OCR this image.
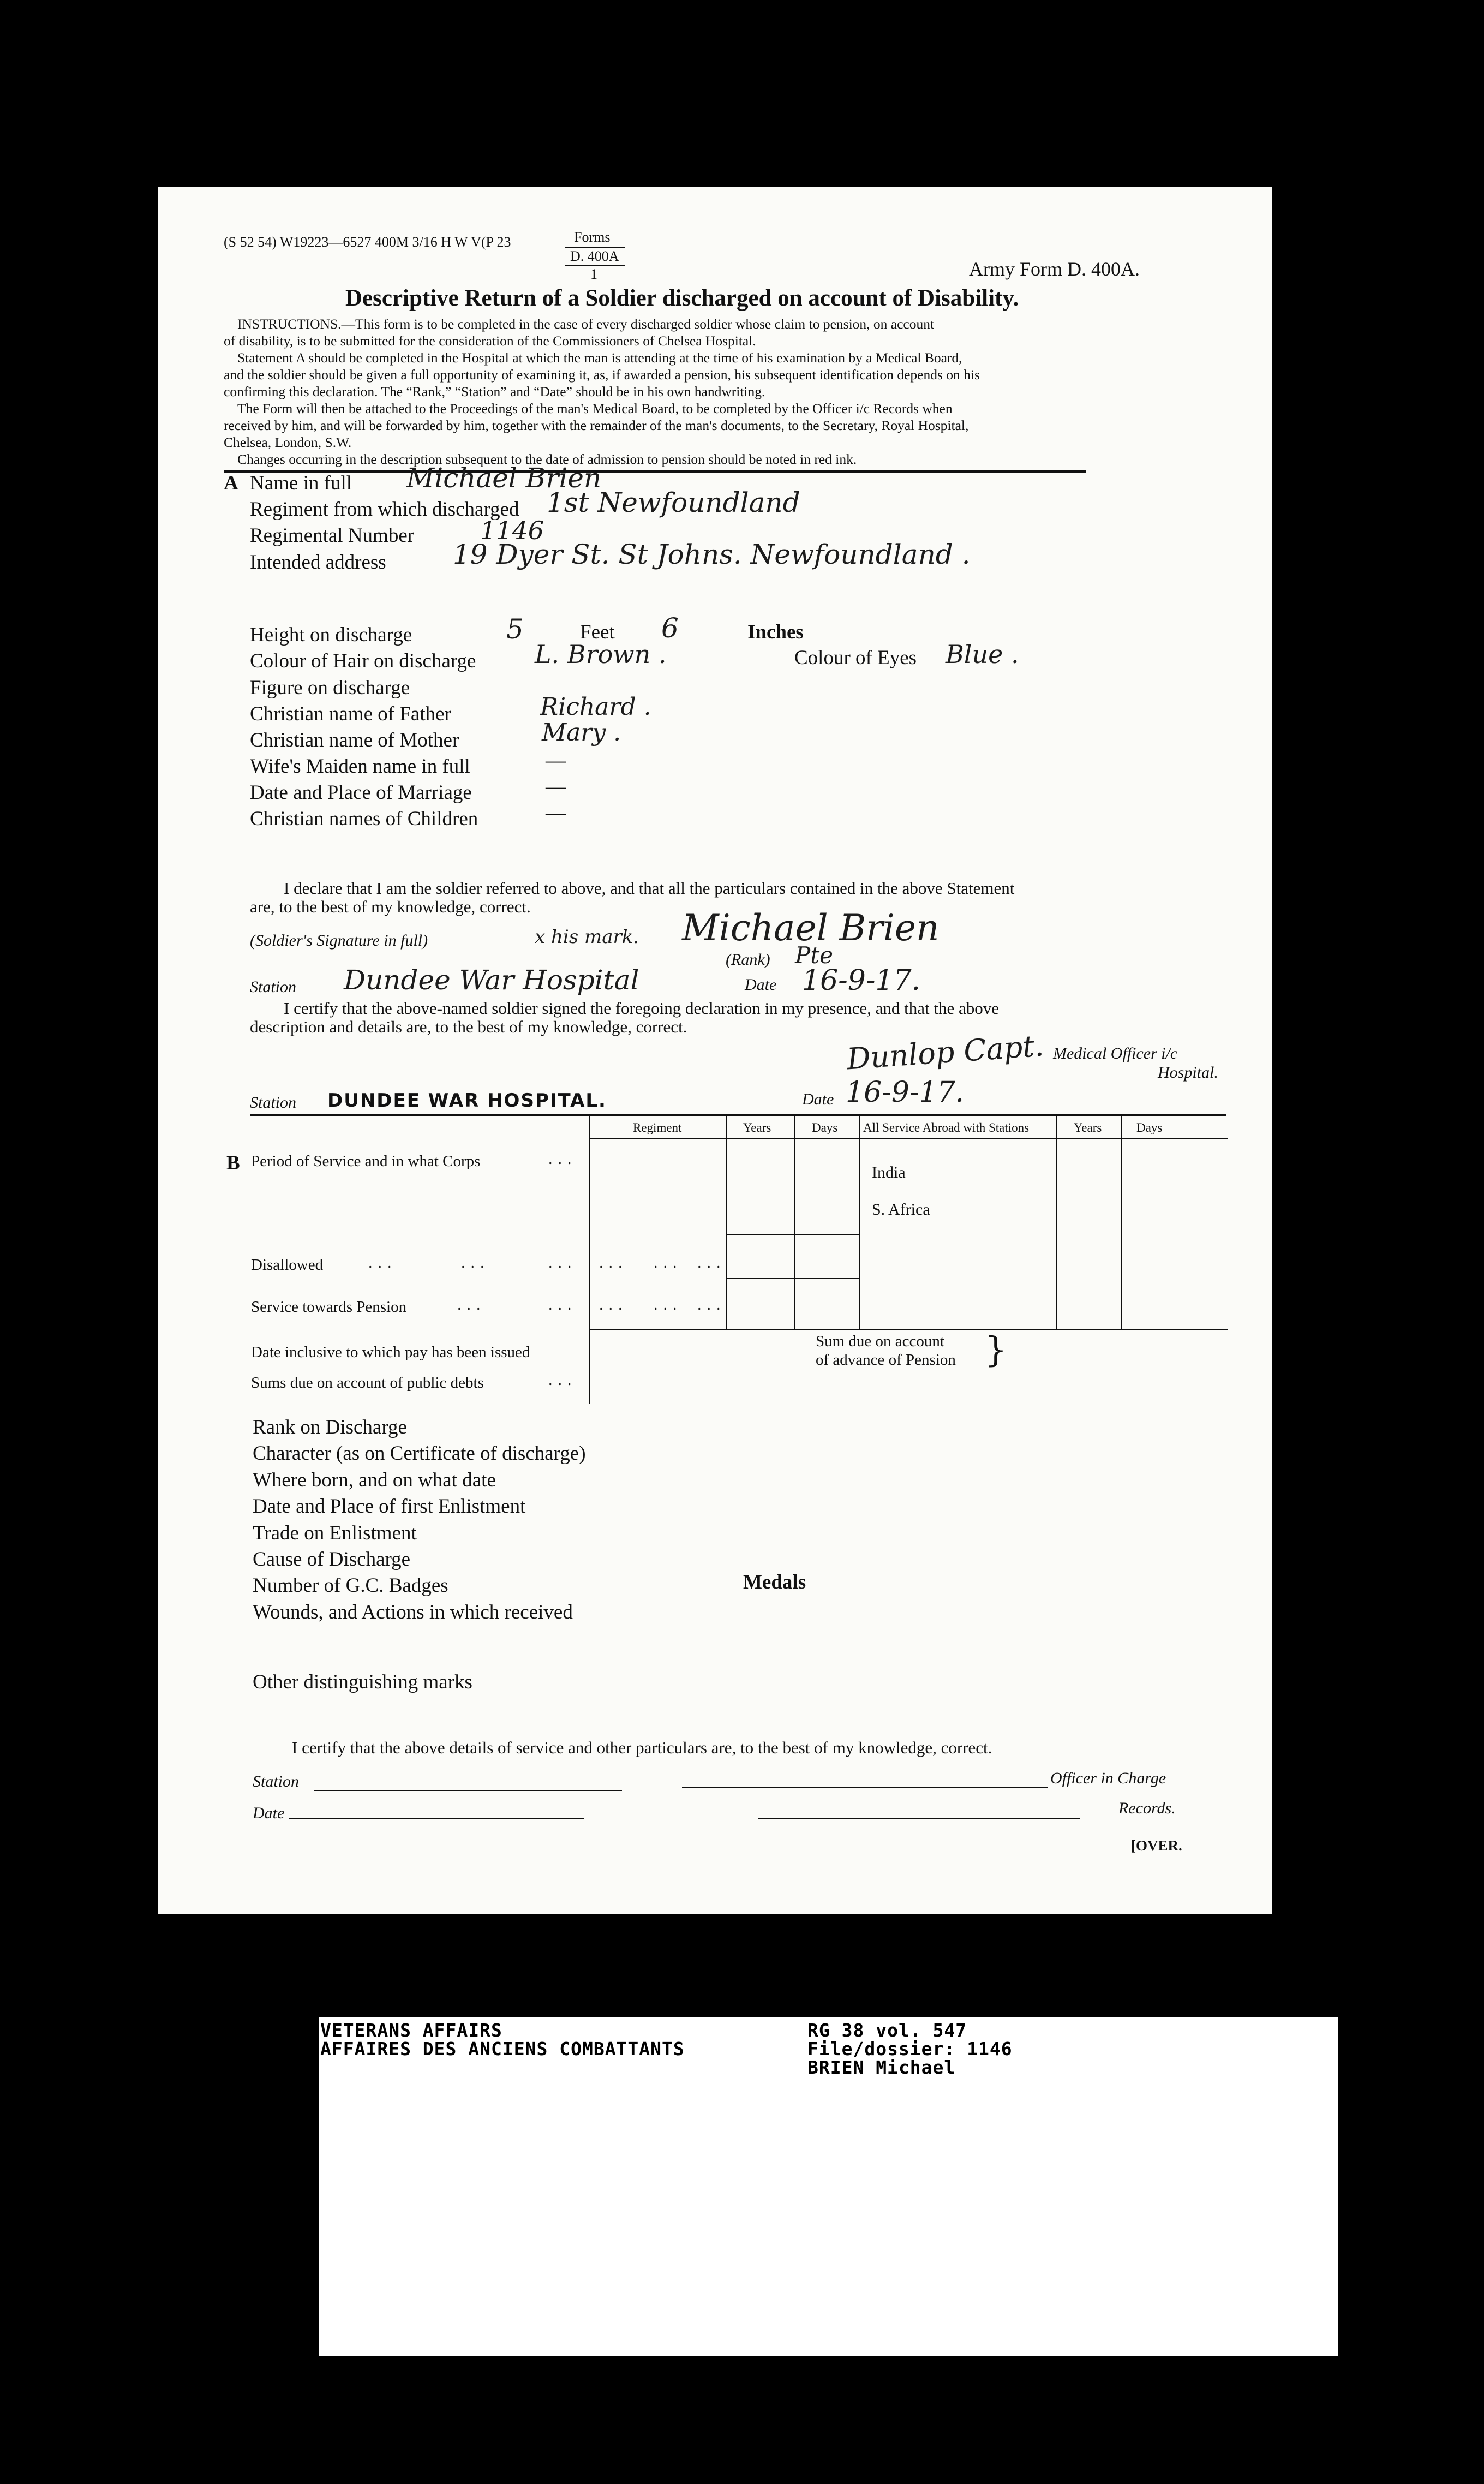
(S 52 54) W19223—6527 400M 3/16 H W V(P 23	Forms
D. 400A
1	Army Form D. 400A.
Descriptive Return of a Soldier discharged on account of Disability.
INSTRUCTIONS.—This form is to be completed in the case of every discharged soldier whose claim to pension, on account
of disability, is to be submitted for the consideration of the Commissioners of Chelsea Hospital.
Statement A should be completed in the Hospital at which the man is attending at the time of his examination by a Medical Board,
and the soldier should be given a full opportunity of examining it, as, if awarded a pension, his subsequent identification depends on his
confirming this declaration. The “Rank,” “Station” and “Date” should be in his own handwriting.
The Form will then be attached to the Proceedings of the man's Medical Board, to be completed by the Officer i/c Records when
received by him, and will be forwarded by him, together with the remainder of the man's documents, to the Secretary, Royal Hospital,
Chelsea, London, S.W.
Changes occurring in the description subsequent to the date of admission to pension should be noted in red ink.
A Name in full Michael Brien
Regiment from which discharged 1st Newfoundland
Regimental Number	1146
Intended address 19 Dyer St. St Johns. Newfoundland .
Height on discharge	5	Feet 6	Inches
Colour of Hair on discharge L. Brown .	Colour of Eyes Blue .
Figure on discharge
Christian name of Father	Richard .
Christian name of Mother	Mary .
Wife's Maiden name in full	—
Date and Place of Marriage	—
Christian names of Children	—
I declare that I am the soldier referred to above, and that all the particulars contained in the above Statement
are, to the best of my knowledge, correct.
(Soldier's Signature in full)	x his mark. Michael Brien
(Rank) Pte
Station Dundee War Hospital	Date 16-9-17.
I certify that the above-named soldier signed the foregoing declaration in my presence, and that the above
description and details are, to the best of my knowledge, correct.
Dunlop Capt. Medical Officer i/c
Hospital.
Station DUNDEE WAR HOSPITAL.	Date 16-9-17.
Regiment	Years	Days All Service Abroad with Stations	Years	Days
B Period of Service and in what Corps	...
India
S. Africa
Disallowed	...	...	... ... ... ...
Service towards Pension	...	... ... ... ...
Date inclusive to which pay has been issued
Sums due on account of public debts	...
Sum due on account
of advance of Pension }
Rank on Discharge
Character (as on Certificate of discharge)
Where born, and on what date
Date and Place of first Enlistment
Trade on Enlistment
Cause of Discharge
Number of G.C. Badges	Medals
Wounds, and Actions in which received
Other distinguishing marks
I certify that the above details of service and other particulars are, to the best of my knowledge, correct.
Station	Officer in Charge
Date	Records.
[OVER.
VETERANS AFFAIRS
AFFAIRES DES ANCIENS COMBATTANTS
RG 38 vol. 547
File/dossier: 1146
BRIEN Michael
